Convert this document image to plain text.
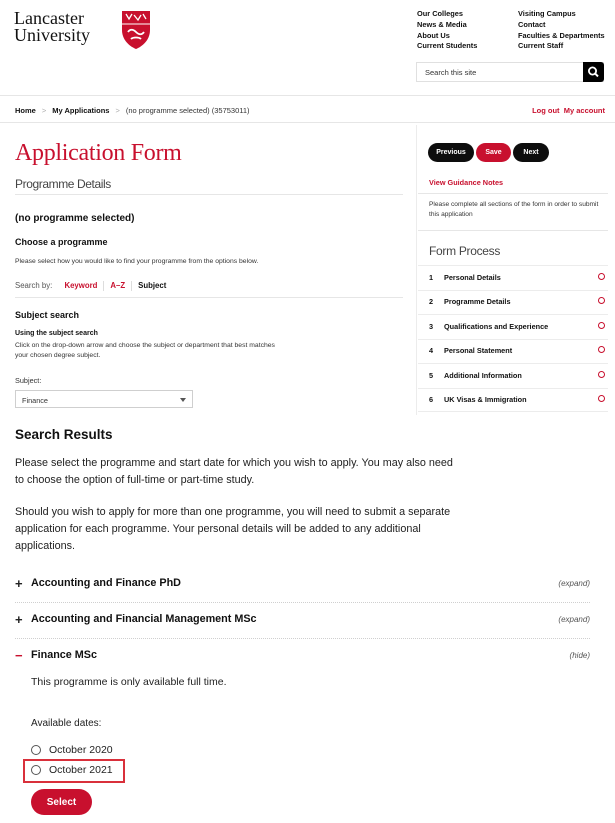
Lancaster
University
Our Colleges
News & Media
About Us
Current Students
Visiting Campus
Contact
Faculties & Departments
Current Staff
Search this site
Home > My Applications > (no programme selected) (35753011)	Log out My account
Application Form
Programme Details
(no programme selected)
Choose a programme
Please select how you would like to find your programme from the options below.
Search by: Keyword A–Z Subject
Subject search
Using the subject search
Click on the drop-down arrow and choose the subject or department that best matches
your chosen degree subject.
Subject:
Finance
Previous	Save	Next
View Guidance Notes
Please complete all sections of the form in order to submit this application
Form Process
1 Personal Details
2 Programme Details
3 Qualifications and Experience
4 Personal Statement
5 Additional Information
6 UK Visas & Immigration
Search Results
Please select the programme and start date for which you wish to apply. You may also need to choose the option of full-time or part-time study.
Should you wish to apply for more than one programme, you will need to submit a separate application for each programme. Your personal details will be added to any additional applications.
+ Accounting and Finance PhD	(expand)
+ Accounting and Financial Management MSc	(expand)
− Finance MSc	(hide)
This programme is only available full time.
Available dates:
October 2020
October 2021
Select
